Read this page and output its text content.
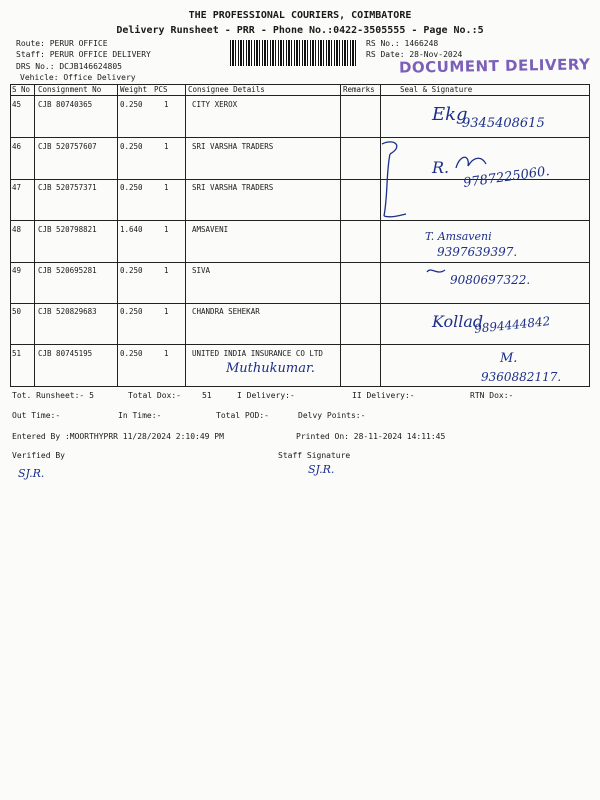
THE PROFESSIONAL COURIERS, COIMBATORE
Delivery Runsheet - PRR - Phone No.:0422-3505555 - Page No.:5
Route: PERUR OFFICE
Staff: PERUR OFFICE DELIVERY
DRS No.: DCJB146624805
Vehicle: Office Delivery
RS No.: 1466248
RS Date: 28-Nov-2024
DOCUMENT DELIVERY
S No Consignment No	Weight PCS	Consignee Details	Remarks	Seal & Signature
45 CJB 80740365	0.250	1	CITY XEROX
46 CJB 520757607	0.250	1	SRI VARSHA TRADERS
47 CJB 520757371	0.250	1	SRI VARSHA TRADERS
48 CJB 520798821	1.640	1	AMSAVENI
49 CJB 520695281	0.250	1	SIVA
50 CJB 520829683	0.250	1	CHANDRA SEHEKAR
51 CJB 80745195	0.250	1	UNITED INDIA INSURANCE CO LTD
Ekg
9345408615
R. 9787225060.
T. Amsaveni
9397639397.
9080697322.
Kollad
9894444842
Muthukumar.
M.
9360882117.
Tot. Runsheet:- 5	Total Dox:-	51	I Delivery:-	II Delivery:-	RTN Dox:-
Out Time:-	In Time:-	Total POD:-	Delvy Points:-
Entered By :MOORTHYPRR 11/28/2024 2:10:49 PM	Printed On: 28-11-2024 14:11:45
Verified By	Staff Signature
SJ.R.	SJ.R.
